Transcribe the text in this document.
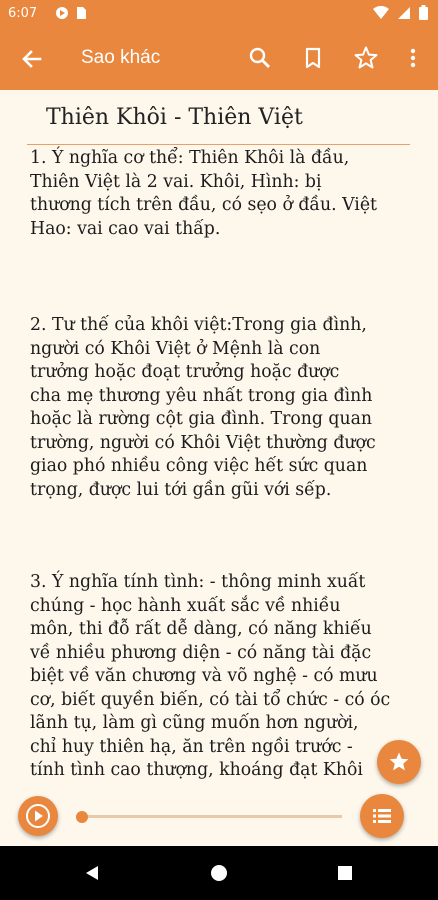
6:07
Sao khác
Thiên Khôi - Thiên Việt

1. Ý nghĩa cơ thể: Thiên Khôi là đầu,
Thiên Việt là 2 vai. Khôi, Hình: bị
thương tích trên đầu, có sẹo ở đầu. Việt
Hao: vai cao vai thấp.

2. Tư thế của khôi việt:Trong gia đình,
người có Khôi Việt ở Mệnh là con
trưởng hoặc đoạt trưởng hoặc được
cha mẹ thương yêu nhất trong gia đình
hoặc là rường cột gia đình. Trong quan
trường, người có Khôi Việt thường được
giao phó nhiều công việc hết sức quan
trọng, được lui tới gần gũi với sếp.

3. Ý nghĩa tính tình: - thông minh xuất
chúng - học hành xuất sắc về nhiều
môn, thi đỗ rất dễ dàng, có năng khiếu
về nhiều phương diện - có năng tài đặc
biệt về văn chương và võ nghệ - có mưu
cơ, biết quyền biến, có tài tổ chức - có óc
lãnh tụ, làm gì cũng muốn hơn người,
chỉ huy thiên hạ, ăn trên ngồi trước -
tính tình cao thượng, khoáng đạt Khôi
